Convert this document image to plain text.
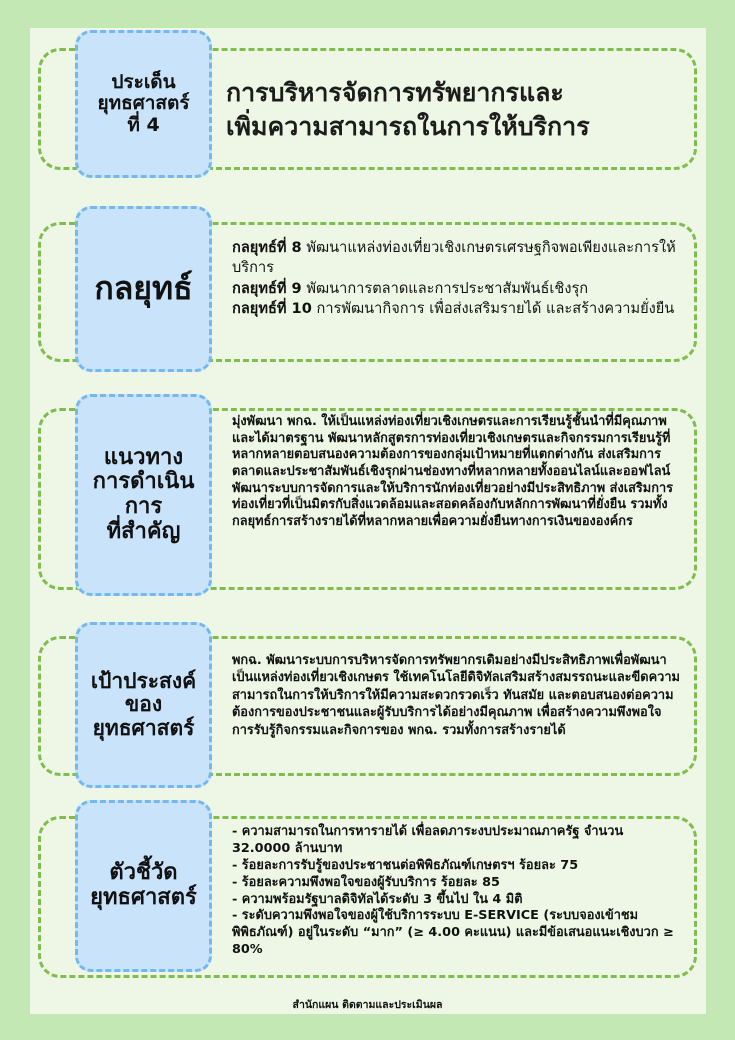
ประเด็น
ยุทธศาสตร์
ที่ 4
การบริหารจัดการทรัพยากรและ
เพิ่มความสามารถในการให้บริการ
กลยุทธ์

กลยุทธ์ที่ 8 พัฒนาแหล่งท่องเที่ยวเชิงเกษตรเศรษฐกิจพอเพียงและการให้บริการ

กลยุทธ์ที่ 9 พัฒนาการตลาดและการประชาสัมพันธ์เชิงรุก

กลยุทธ์ที่ 10 การพัฒนากิจการ เพื่อส่งเสริมรายได้ และสร้างความยั่งยืน

แนวทาง
การดำเนิน
การ
ที่สำคัญ

มุ่งพัฒนา พกฉ. ให้เป็นแหล่งท่องเที่ยวเชิงเกษตรและการเรียนรู้ชั้นนำที่มีคุณภาพและได้มาตรฐาน พัฒนาหลักสูตรการท่องเที่ยวเชิงเกษตรและกิจกรรมการเรียนรู้ที่หลากหลายตอบสนองความต้องการของกลุ่มเป้าหมายที่แตกต่างกัน ส่งเสริมการตลาดและประชาสัมพันธ์เชิงรุกผ่านช่องทางที่หลากหลายทั้งออนไลน์และออฟไลน์ พัฒนาระบบการจัดการและให้บริการนักท่องเที่ยวอย่างมีประสิทธิภาพ ส่งเสริมการท่องเที่ยวที่เป็นมิตรกับสิ่งแวดล้อมและสอดคล้องกับหลักการพัฒนาที่ยั่งยืน รวมทั้ง กลยุทธ์การสร้างรายได้ที่หลากหลายเพื่อความยั่งยืนทางการเงินขององค์กร

เป้าประสงค์
ของ
ยุทธศาสตร์

พกฉ. พัฒนาระบบการบริหารจัดการทรัพยากรเดิมอย่างมีประสิทธิภาพเพื่อพัฒนาเป็นแหล่งท่องเที่ยวเชิงเกษตร ใช้เทคโนโลยีดิจิทัลเสริมสร้างสมรรถนะและขีดความสามารถในการให้บริการให้มีความสะดวกรวดเร็ว ทันสมัย และตอบสนองต่อความต้องการของประชาชนและผู้รับบริการได้อย่างมีคุณภาพ เพื่อสร้างความพึงพอใจ การรับรู้กิจกรรมและกิจการของ พกฉ. รวมทั้งการสร้างรายได้

ตัวชี้วัด
ยุทธศาสตร์

- ความสามารถในการหารายได้ เพื่อลดภาระงบประมาณภาครัฐ จำนวน 32.0000 ล้านบาท

- ร้อยละการรับรู้ของประชาชนต่อพิพิธภัณฑ์เกษตรฯ ร้อยละ 75

- ร้อยละความพึงพอใจของผู้รับบริการ ร้อยละ 85

- ความพร้อมรัฐบาลดิจิทัลได้ระดับ 3 ขึ้นไป ใน 4 มิติ

- ระดับความพึงพอใจของผู้ใช้บริการระบบ E-SERVICE (ระบบจองเข้าชมพิพิธภัณฑ์) อยู่ในระดับ “มาก” (≥ 4.00 คะแนน) และมีข้อเสนอแนะเชิงบวก ≥ 80%

สำนักแผน ติดตามและประเมินผล
